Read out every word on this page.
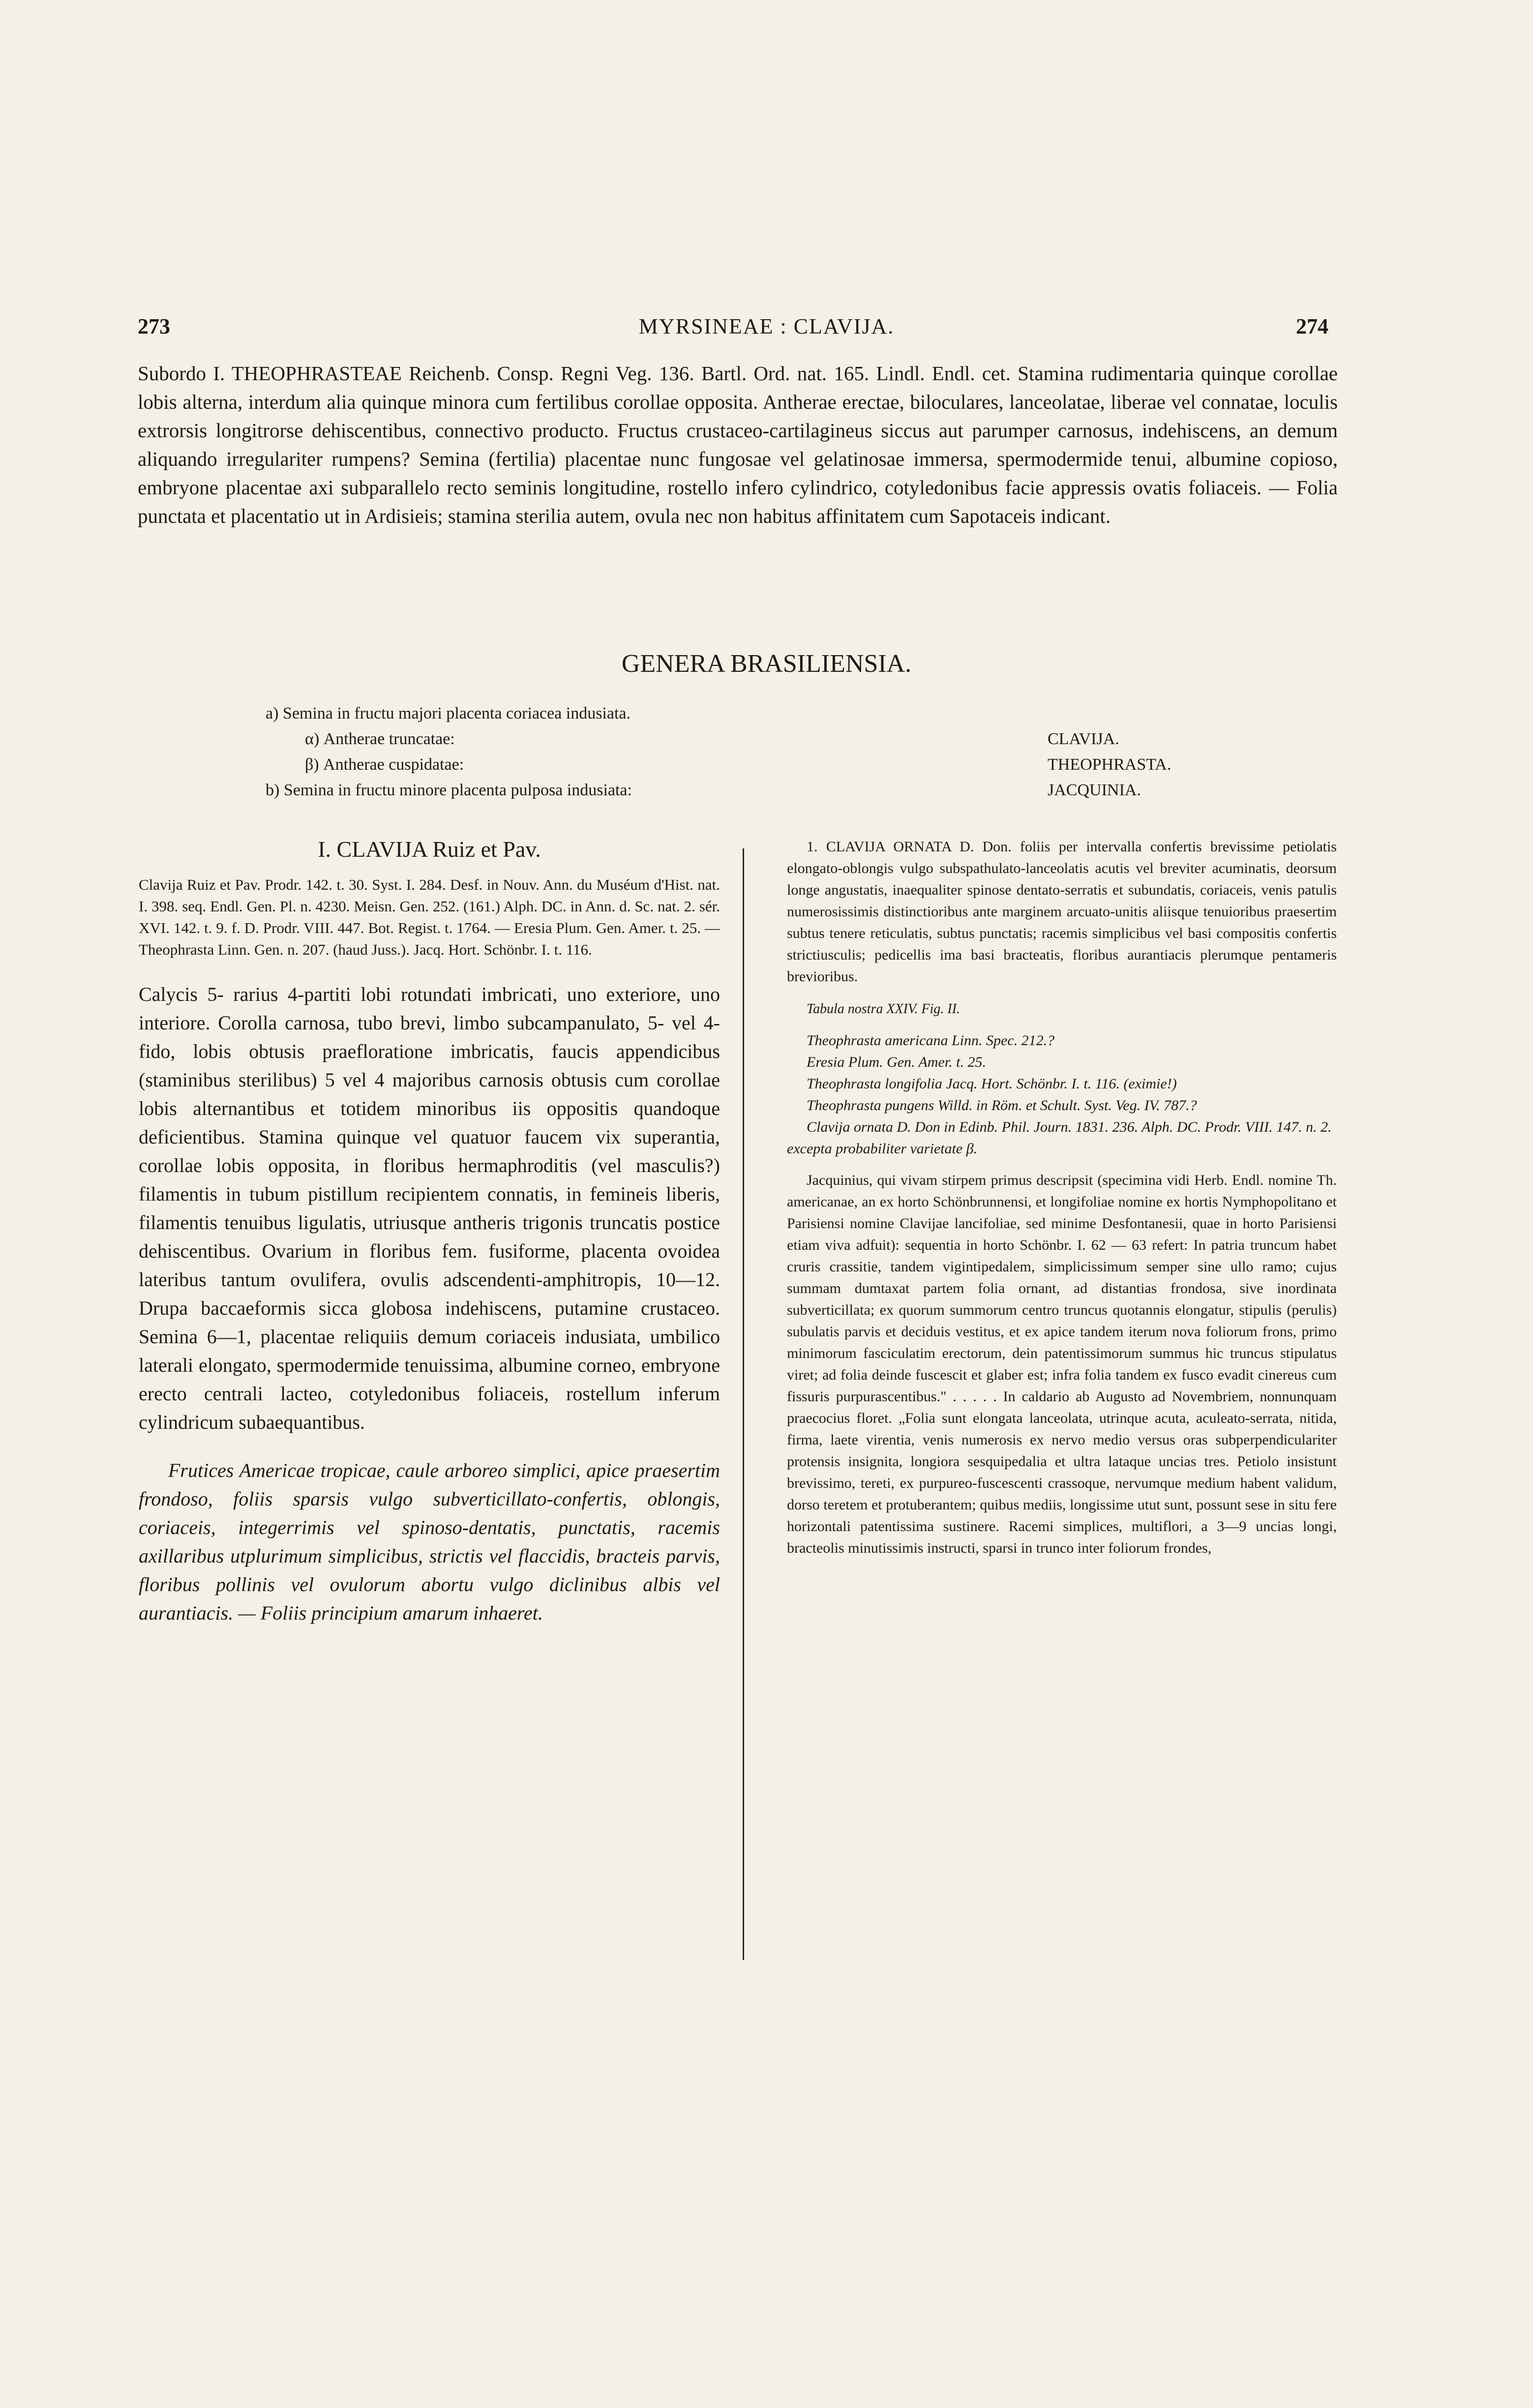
273	MYRSINEAE : CLAVIJA.	274
Subordo I. THEOPHRASTEAE Reichenb. Consp. Regni Veg. 136. Bartl. Ord. nat. 165. Lindl. Endl. cet. Stamina rudimentaria quinque corollae lobis alterna, interdum alia quinque minora cum fertilibus corollae opposita. Antherae erectae, biloculares, lanceolatae, liberae vel connatae, loculis extrorsis longitrorse dehiscentibus, connectivo producto. Fructus crustaceo-cartilagineus siccus aut parumper carnosus, indehiscens, an demum aliquando irregulariter rumpens? Semina (fertilia) placentae nunc fungosae vel gelatinosae immersa, spermodermide tenui, albumine copioso, embryone placentae axi subparallelo recto seminis longitudine, rostello infero cylindrico, cotyledonibus facie appressis ovatis foliaceis. — Folia punctata et placentatio ut in Ardisieis; stamina sterilia autem, ovula nec non habitus affinitatem cum Sapotaceis indicant.
GENERA BRASILIENSIA.
a) Semina in fructu majori placenta coriacea indusiata.
α) Antherae truncatae:	CLAVIJA.
β) Antherae cuspidatae:	THEOPHRASTA.
b) Semina in fructu minore placenta pulposa indusiata:	JACQUINIA.

I. CLAVIJA Ruiz et Pav.

Clavija Ruiz et Pav. Prodr. 142. t. 30. Syst. I. 284. Desf. in Nouv. Ann. du Muséum d'Hist. nat. I. 398. seq. Endl. Gen. Pl. n. 4230. Meisn. Gen. 252. (161.) Alph. DC. in Ann. d. Sc. nat. 2. sér. XVI. 142. t. 9. f. D. Prodr. VIII. 447. Bot. Regist. t. 1764. — Eresia Plum. Gen. Amer. t. 25. — Theophrasta Linn. Gen. n. 207. (haud Juss.). Jacq. Hort. Schönbr. I. t. 116.

Calycis 5- rarius 4-partiti lobi rotundati imbricati, uno exteriore, uno interiore. Corolla carnosa, tubo brevi, limbo subcampanulato, 5- vel 4-fido, lobis obtusis praefloratione imbricatis, faucis appendicibus (staminibus sterilibus) 5 vel 4 majoribus carnosis obtusis cum corollae lobis alternantibus et totidem minoribus iis oppositis quandoque deficientibus. Stamina quinque vel quatuor faucem vix superantia, corollae lobis opposita, in floribus hermaphroditis (vel masculis?) filamentis in tubum pistillum recipientem connatis, in femineis liberis, filamentis tenuibus ligulatis, utriusque antheris trigonis truncatis postice dehiscentibus. Ovarium in floribus fem. fusiforme, placenta ovoidea lateribus tantum ovulifera, ovulis adscendenti-amphitropis, 10—12. Drupa baccaeformis sicca globosa indehiscens, putamine crustaceo. Semina 6—1, placentae reliquiis demum coriaceis indusiata, umbilico laterali elongato, spermodermide tenuissima, albumine corneo, embryone erecto centrali lacteo, cotyledonibus foliaceis, rostellum inferum cylindricum subaequantibus.

Frutices Americae tropicae, caule arboreo simplici, apice praesertim frondoso, foliis sparsis vulgo subverticillato-confertis, oblongis, coriaceis, integerrimis vel spinoso-dentatis, punctatis, racemis axillaribus utplurimum simplicibus, strictis vel flaccidis, bracteis parvis, floribus pollinis vel ovulorum abortu vulgo diclinibus albis vel aurantiacis. — Foliis principium amarum inhaeret.

1. CLAVIJA ORNATA D. Don. foliis per intervalla confertis brevissime petiolatis elongato-oblongis vulgo subspathulato-lanceolatis acutis vel breviter acuminatis, deorsum longe angustatis, inaequaliter spinose dentato-serratis et subundatis, coriaceis, venis patulis numerosissimis distinctioribus ante marginem arcuato-unitis aliisque tenuioribus praesertim subtus tenere reticulatis, subtus punctatis; racemis simplicibus vel basi compositis confertis strictiusculis; pedicellis ima basi bracteatis, floribus aurantiacis plerumque pentameris brevioribus.

Tabula nostra XXIV. Fig. II.

Theophrasta americana Linn. Spec. 212.?

Eresia Plum. Gen. Amer. t. 25.

Theophrasta longifolia Jacq. Hort. Schönbr. I. t. 116. (eximie!)

Theophrasta pungens Willd. in Röm. et Schult. Syst. Veg. IV. 787.?

Clavija ornata D. Don in Edinb. Phil. Journ. 1831. 236. Alph. DC. Prodr. VIII. 147. n. 2. excepta probabiliter varietate β.

Jacquinius, qui vivam stirpem primus descripsit (specimina vidi Herb. Endl. nomine Th. americanae, an ex horto Schönbrunnensi, et longifoliae nomine ex hortis Nymphopolitano et Parisiensi nomine Clavijae lancifoliae, sed minime Desfontanesii, quae in horto Parisiensi etiam viva adfuit): sequentia in horto Schönbr. I. 62 — 63 refert: In patria truncum habet cruris crassitie, tandem vigintipedalem, simplicissimum semper sine ullo ramo; cujus summam dumtaxat partem folia ornant, ad distantias frondosa, sive inordinata subverticillata; ex quorum summorum centro truncus quotannis elongatur, stipulis (perulis) subulatis parvis et deciduis vestitus, et ex apice tandem iterum nova foliorum frons, primo minimorum fasciculatim erectorum, dein patentissimorum summus hic truncus stipulatus viret; ad folia deinde fuscescit et glaber est; infra folia tandem ex fusco evadit cinereus cum fissuris purpurascentibus." . . . . . In caldario ab Augusto ad Novembriem, nonnunquam praecocius floret. „Folia sunt elongata lanceolata, utrinque acuta, aculeato-serrata, nitida, firma, laete virentia, venis numerosis ex nervo medio versus oras subperpendiculariter protensis insignita, longiora sesquipedalia et ultra lataque uncias tres. Petiolo insistunt brevissimo, tereti, ex purpureo-fuscescenti crassoque, nervumque medium habent validum, dorso teretem et protuberantem; quibus mediis, longissime utut sunt, possunt sese in situ fere horizontali patentissima sustinere. Racemi simplices, multiflori, a 3—9 uncias longi, bracteolis minutissimis instructi, sparsi in trunco inter foliorum frondes,
